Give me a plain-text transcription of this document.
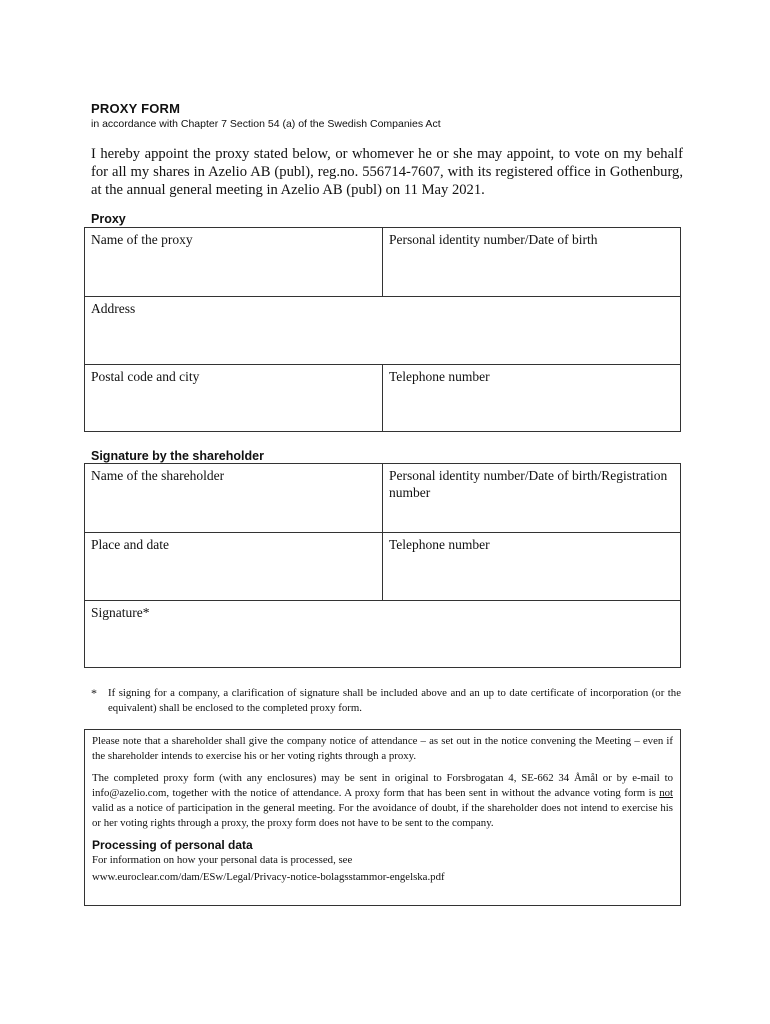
PROXY FORM
in accordance with Chapter 7 Section 54 (a) of the Swedish Companies Act
I hereby appoint the proxy stated below, or whomever he or she may appoint, to vote on my behalf for all my shares in Azelio AB (publ), reg.no. 556714-7607, with its registered office in Gothenburg, at the annual general meeting in Azelio AB (publ) on 11 May 2021.
Proxy
Name of the proxy	Personal identity number/Date of birth
Address
Postal code and city	Telephone number
Signature by the shareholder
Name of the shareholder	Personal identity number/Date of birth/Registration number
Place and date	Telephone number
Signature*
*	If signing for a company, a clarification of signature shall be included above and an up to date certificate of incorporation (or the equivalent) shall be enclosed to the completed proxy form.

Please note that a shareholder shall give the company notice of attendance – as set out in the notice convening the Meeting – even if the shareholder intends to exercise his or her voting rights through a proxy.

The completed proxy form (with any enclosures) may be sent in original to Forsbrogatan 4, SE-662 34 Åmål or by e-mail to info@azelio.com, together with the notice of attendance. A proxy form that has been sent in without the advance voting form is not valid as a notice of participation in the general meeting. For the avoidance of doubt, if the shareholder does not intend to exercise his or her voting rights through a proxy, the proxy form does not have to be sent to the company.

Processing of personal data
For information on how your personal data is processed, see
www.euroclear.com/dam/ESw/Legal/Privacy-notice-bolagsstammor-engelska.pdf
